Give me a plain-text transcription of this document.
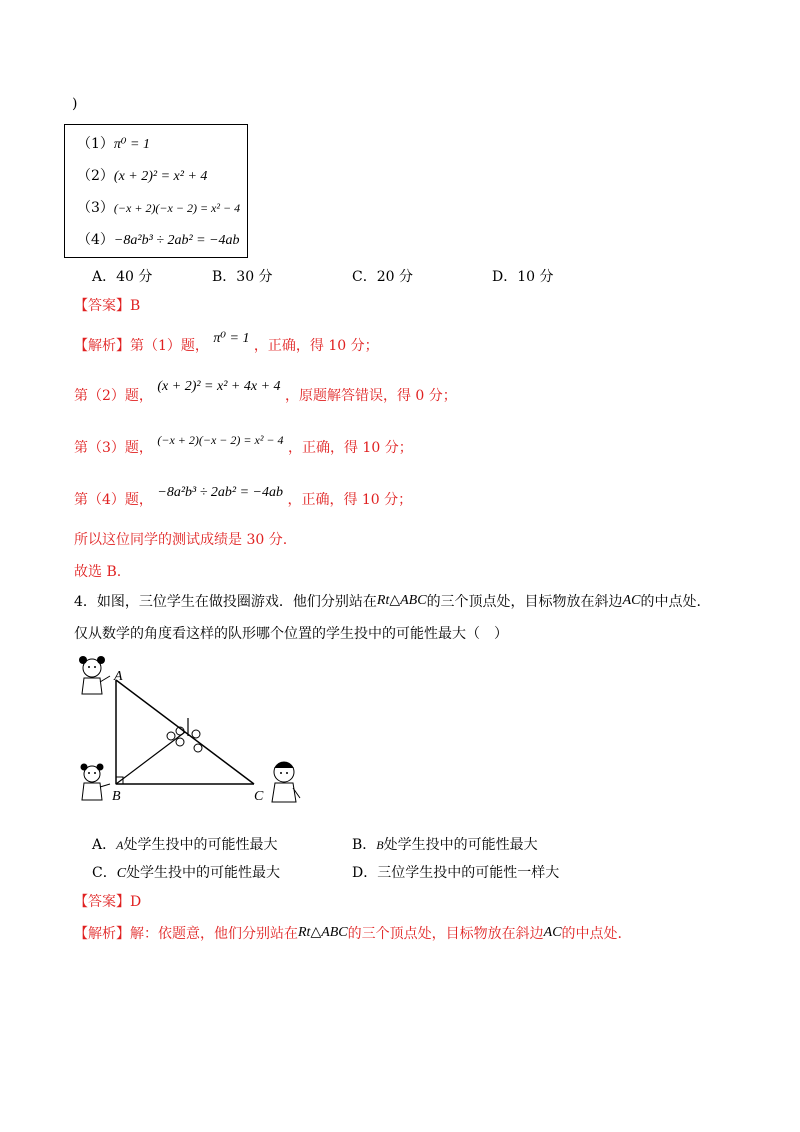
)
（1）π⁰ = 1
（2）(x + 2)² = x² + 4
（3）(−x + 2)(−x − 2) = x² − 4
（4）−8a²b³ ÷ 2ab² = −4ab
A．40 分	B．30 分	C．20 分	D．10 分
【答案】B
【解析】第（1）题， π⁰ = 1 ，正确，得 10 分；
第（2）题， (x + 2)² = x² + 4x + 4 ，原题解答错误，得 0 分；
第（3）题， (−x + 2)(−x − 2) = x² − 4 ，正确，得 10 分；
第（4）题， −8a²b³ ÷ 2ab² = −4ab ，正确，得 10 分；
所以这位同学的测试成绩是 30 分.
故选 B.
4．如图，三位学生在做投圈游戏．他们分别站在Rt△ABC的三个顶点处，目标物放在斜边AC的中点处.
仅从数学的角度看这样的队形哪个位置的学生投中的可能性最大（　）
A
B	C
A．A处学生投中的可能性最大	B．B处学生投中的可能性最大
C．C处学生投中的可能性最大	D．三位学生投中的可能性一样大
【答案】D
【解析】解：依题意，他们分别站在Rt△ABC的三个顶点处，目标物放在斜边AC的中点处.
